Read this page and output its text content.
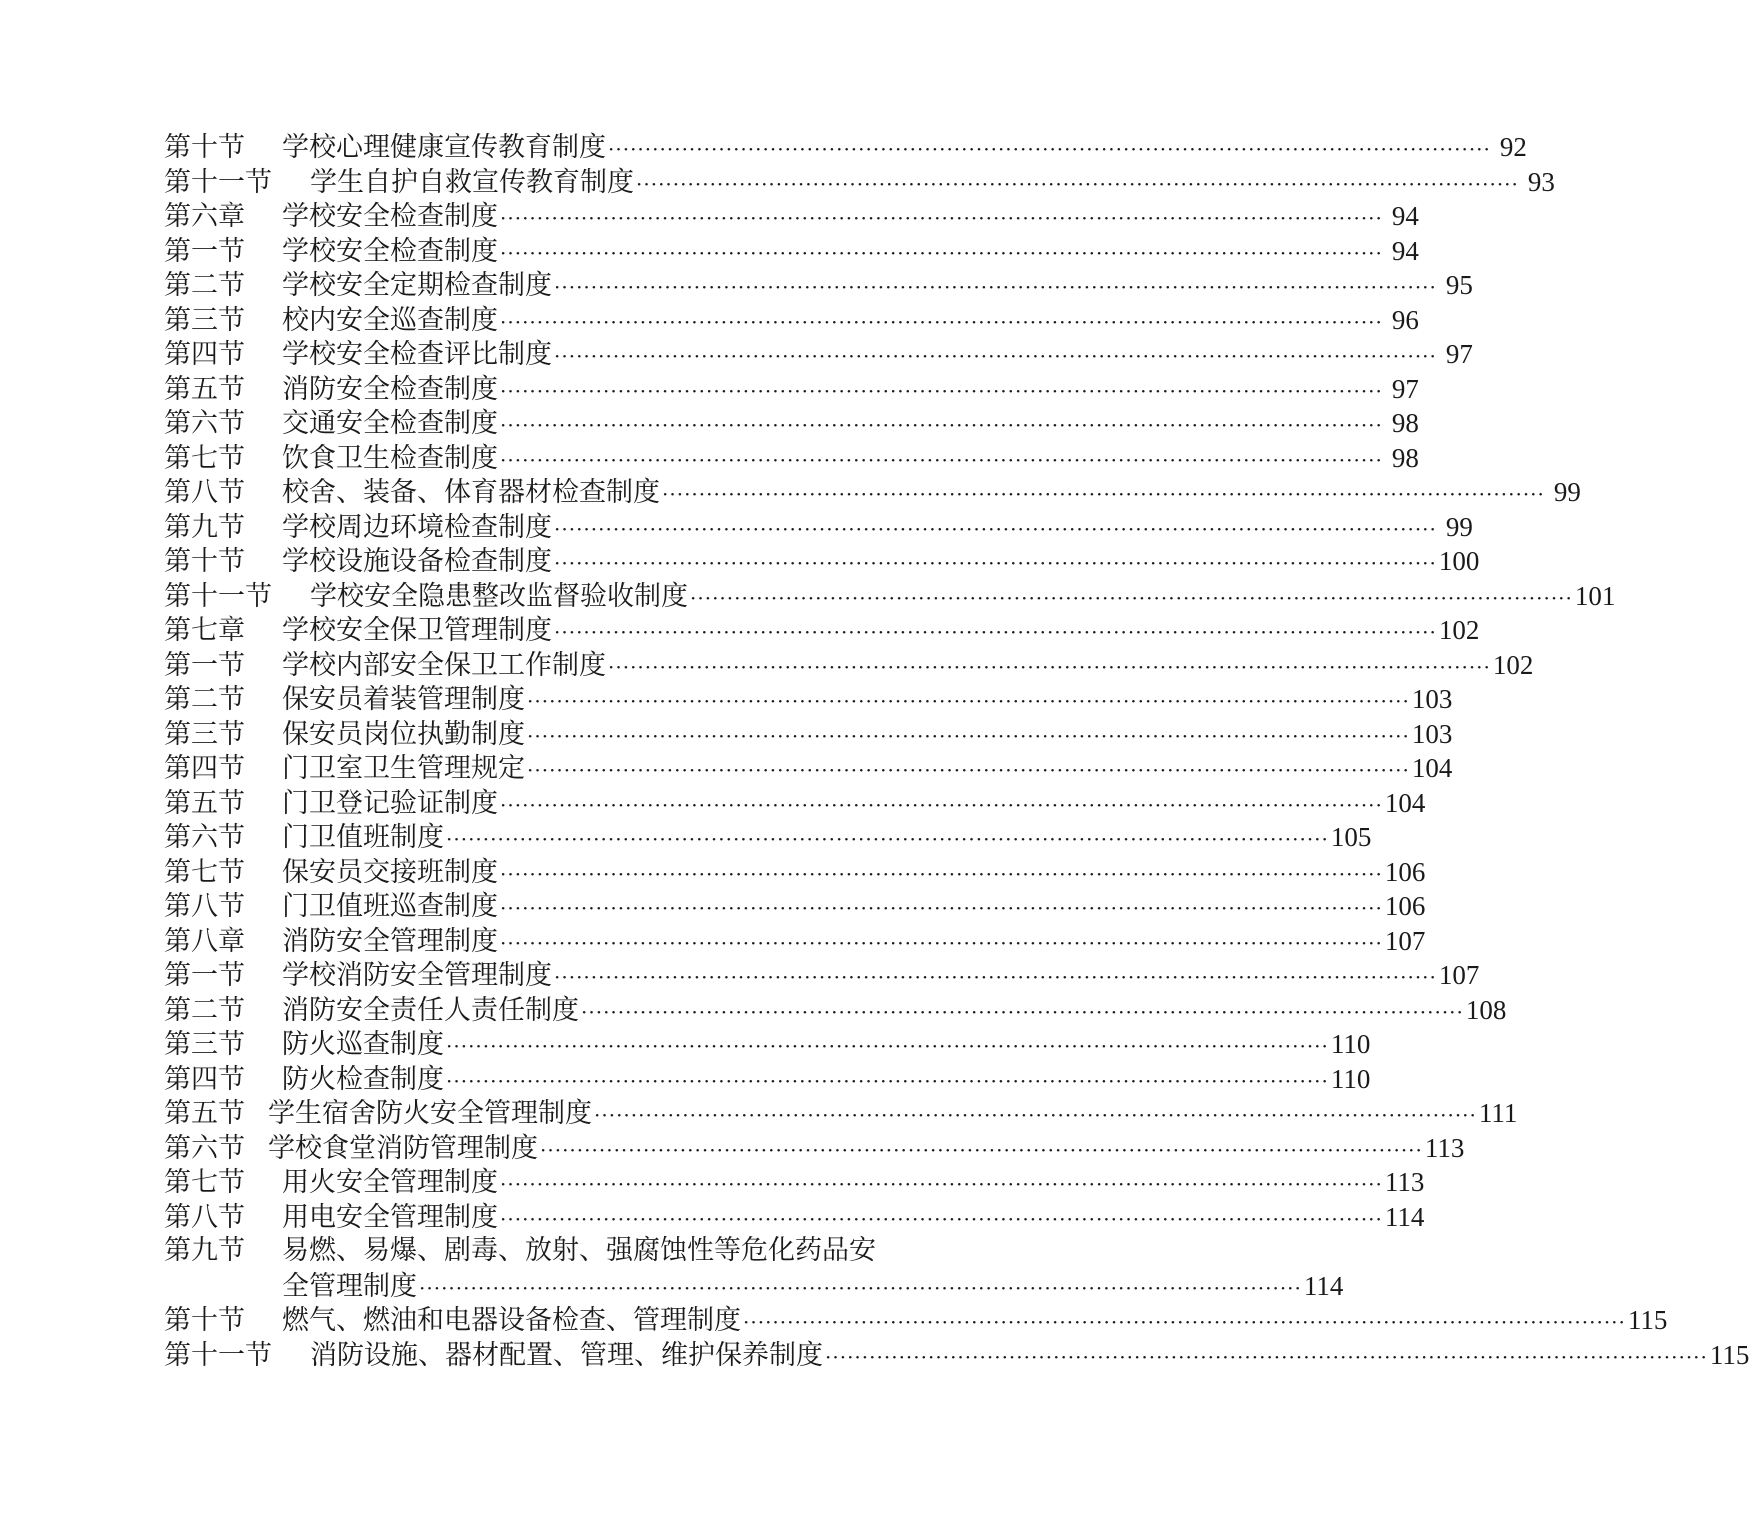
第十节	学校心理健康宣传教育制度 ························································································································ 92
第十一节	学生自护自救宣传教育制度 ························································································································ 93
第六章	学校安全检查制度 ························································································································ 94
第一节	学校安全检查制度 ························································································································ 94
第二节	学校安全定期检查制度 ························································································································ 95
第三节	校内安全巡查制度 ························································································································ 96
第四节	学校安全检查评比制度 ························································································································ 97
第五节	消防安全检查制度 ························································································································ 97
第六节	交通安全检查制度 ························································································································ 98
第七节	饮食卫生检查制度 ························································································································ 98
第八节	校舍、装备、体育器材检查制度 ························································································································ 99
第九节	学校周边环境检查制度 ························································································································ 99
第十节	学校设施设备检查制度 ························································································································ 100
第十一节	学校安全隐患整改监督验收制度 ························································································································ 101
第七章	学校安全保卫管理制度 ························································································································ 102
第一节	学校内部安全保卫工作制度 ························································································································ 102
第二节	保安员着装管理制度 ························································································································ 103
第三节	保安员岗位执勤制度 ························································································································ 103
第四节	门卫室卫生管理规定 ························································································································ 104
第五节	门卫登记验证制度 ························································································································ 104
第六节	门卫值班制度 ························································································································ 105
第七节	保安员交接班制度 ························································································································ 106
第八节	门卫值班巡查制度 ························································································································ 106
第八章	消防安全管理制度 ························································································································ 107
第一节	学校消防安全管理制度 ························································································································ 107
第二节	消防安全责任人责任制度 ························································································································ 108
第三节	防火巡查制度 ························································································································ 110
第四节	防火检查制度 ························································································································ 110
第五节 学生宿舍防火安全管理制度 ························································································································ 111
第六节 学校食堂消防管理制度 ························································································································ 113
第七节	用火安全管理制度 ························································································································ 113
第八节	用电安全管理制度 ························································································································ 114
第九节	易燃、易爆、剧毒、放射、强腐蚀性等危化药品安
全管理制度 ························································································································ 114
第十节	燃气、燃油和电器设备检查、管理制度 ························································································································ 115
第十一节	消防设施、器材配置、管理、维护保养制度 ························································································································ 115
